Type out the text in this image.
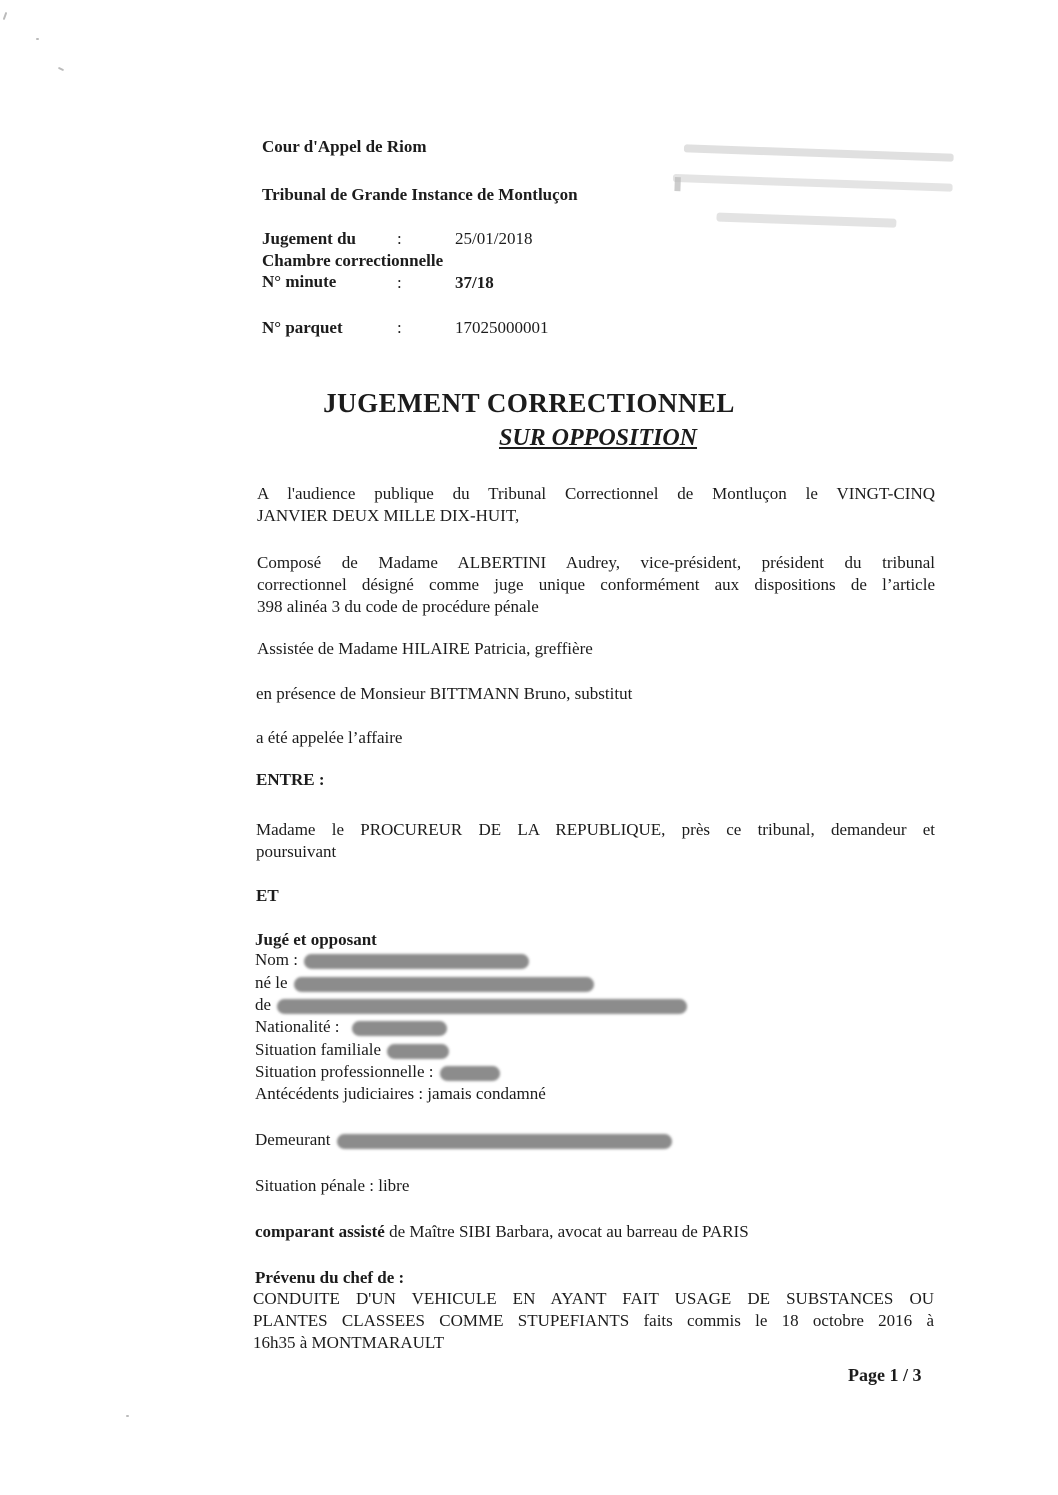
Cour d'Appel de Riom
Tribunal de Grande Instance de Montluçon
Jugement du :	25/01/2018
Chambre correctionnelle
N° minute	:	37/18
N° parquet	:	17025000001
JUGEMENT CORRECTIONNEL
SUR OPPOSITION
A l'audience publique du Tribunal Correctionnel de Montluçon le VINGT-CINQ
JANVIER DEUX MILLE DIX-HUIT,
Composé de Madame ALBERTINI Audrey, vice-président, président du tribunal
correctionnel désigné comme juge unique conformément aux dispositions de l’article
398 alinéa 3 du code de procédure pénale
Assistée de Madame HILAIRE Patricia, greffière
en présence de Monsieur BITTMANN Bruno, substitut
a été appelée l’affaire
ENTRE :
Madame le PROCUREUR DE LA REPUBLIQUE, près ce tribunal, demandeur et
poursuivant
ET
Jugé et opposant
Nom :
né le
de
Nationalité :
Situation familiale
Situation professionnelle :
Antécédents judiciaires : jamais condamné
Demeurant
Situation pénale : libre
comparant assisté de Maître SIBI Barbara, avocat au barreau de PARIS
Prévenu du chef de :
CONDUITE D'UN VEHICULE EN AYANT FAIT USAGE DE SUBSTANCES OU
PLANTES CLASSEES COMME STUPEFIANTS faits commis le 18 octobre 2016 à
16h35 à MONTMARAULT
Page 1 / 3
